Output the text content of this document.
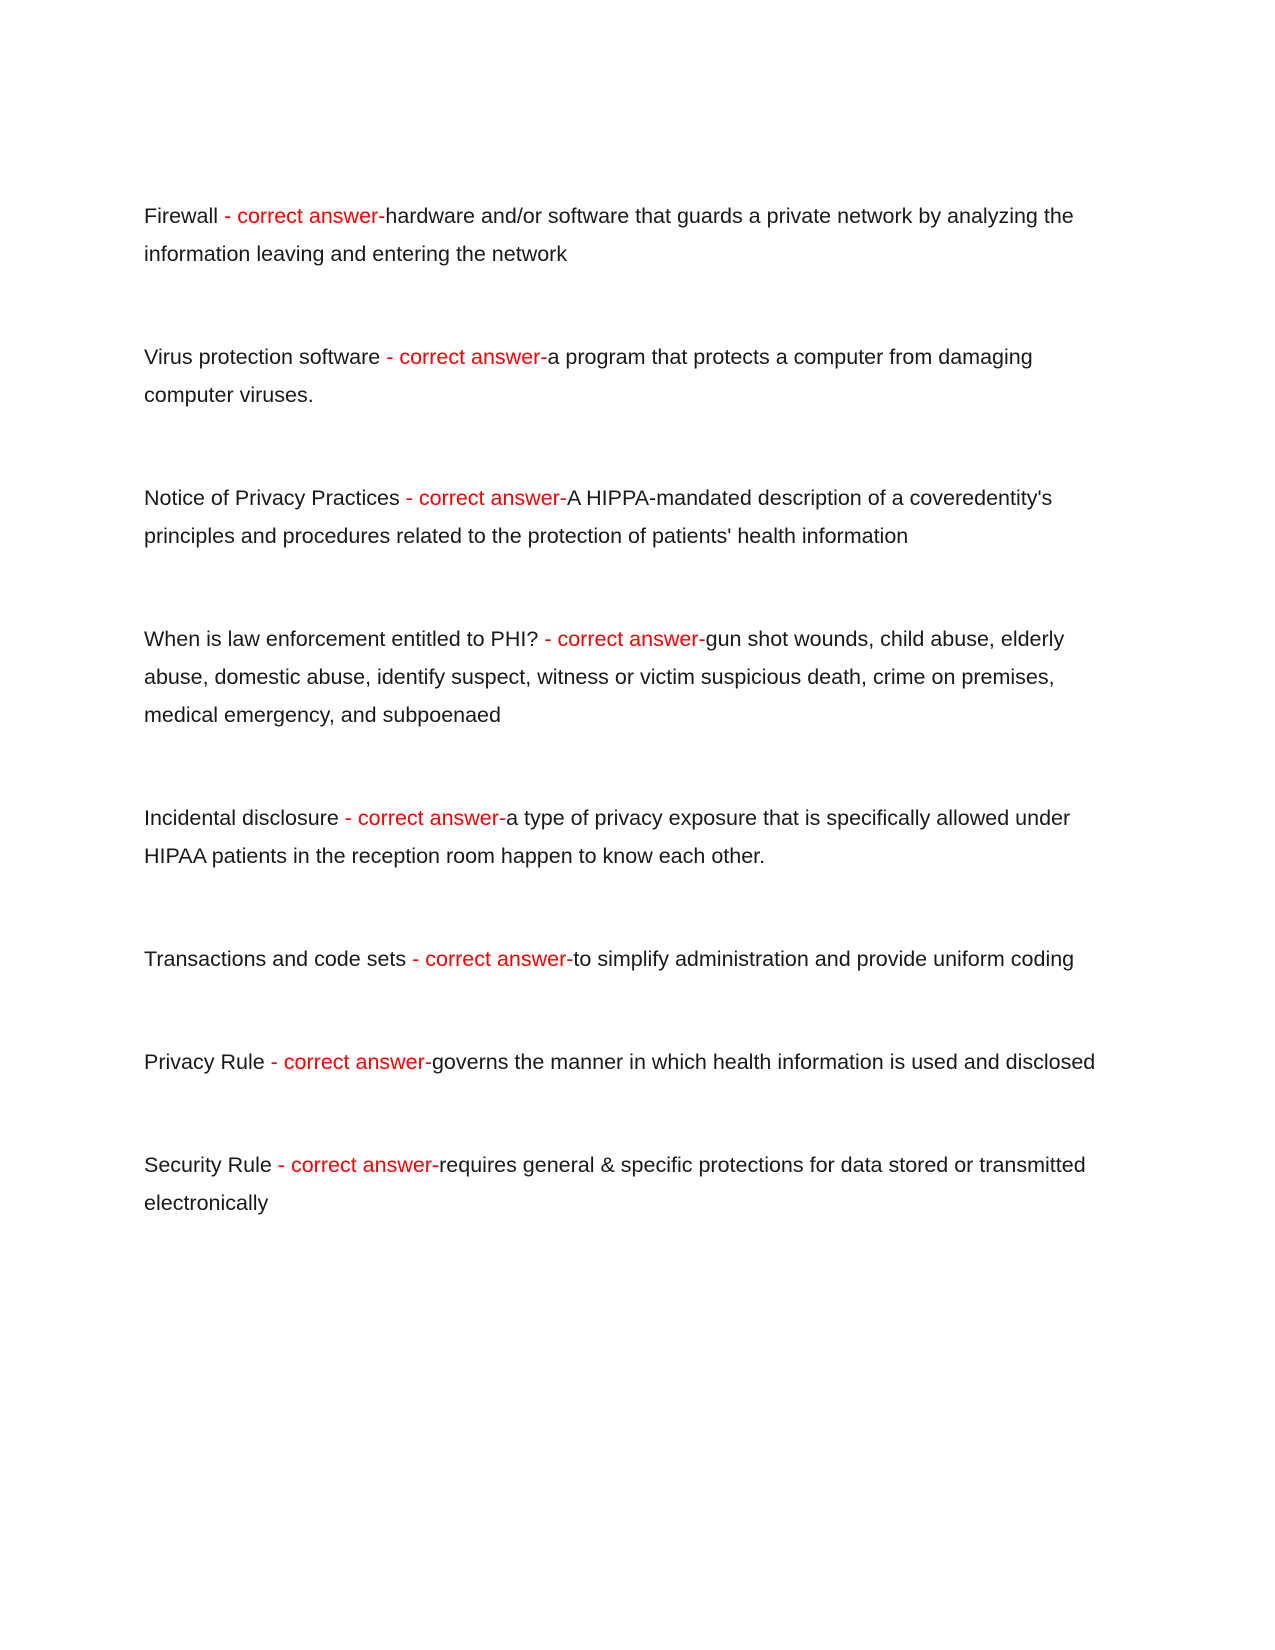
Firewall - correct answer-hardware and/or software that guards a private network by analyzing the information leaving and entering the network

Virus protection software - correct answer-a program that protects a computer from damaging computer viruses.

Notice of Privacy Practices - correct answer-A HIPPA-mandated description of a coveredentity's principles and procedures related to the protection of patients' health information

When is law enforcement entitled to PHI? - correct answer-gun shot wounds, child abuse, elderly abuse, domestic abuse, identify suspect, witness or victim suspicious death, crime on premises, medical emergency, and subpoenaed

Incidental disclosure - correct answer-a type of privacy exposure that is specifically allowed under HIPAA patients in the reception room happen to know each other.

Transactions and code sets - correct answer-to simplify administration and provide uniform coding

Privacy Rule - correct answer-governs the manner in which health information is used and disclosed

Security Rule - correct answer-requires general & specific protections for data stored or transmitted electronically
